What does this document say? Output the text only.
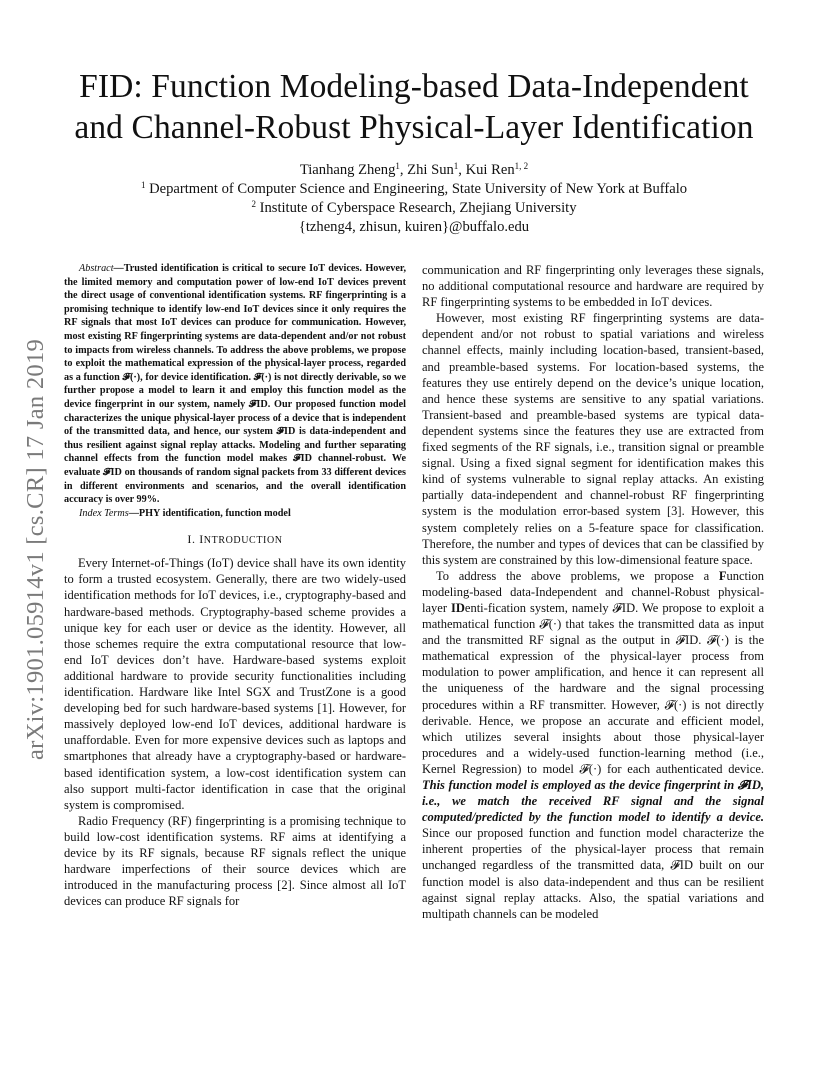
FID: Function Modeling-based Data-Independent
and Channel-Robust Physical-Layer Identification
Tianhang Zheng$^1$, Zhi Sun$^1$, Kui Ren$^{1, 2}$
$^1$ Department of Computer Science and Engineering, State University of New York at Buffalo
$^2$ Institute of Cyberspace Research, Zhejiang University
{tzheng4, zhisun, kuiren}@buffalo.edu
arXiv:1901.05914v1 [cs.CR] 17 Jan 2019

Abstract—Trusted identification is critical to secure IoT devices. However, the limited memory and computation power of low-end IoT devices prevent the direct usage of conventional identification systems. RF fingerprinting is a promising technique to identify low-end IoT devices since it only requires the RF signals that most IoT devices can produce for communication. However, most existing RF fingerprinting systems are data-dependent and/or not robust to impacts from wireless channels. To address the above problems, we propose to exploit the mathematical expression of the physical-layer process, regarded as a function 𝓕(·), for device identification. 𝓕(·) is not directly derivable, so we further propose a model to learn it and employ this function model as the device fingerprint in our system, namely 𝓕ID. Our proposed function model characterizes the unique physical-layer process of a device that is independent of the transmitted data, and hence, our system 𝓕ID is data-independent and thus resilient against signal replay attacks. Modeling and further separating channel effects from the function model makes 𝓕ID channel-robust. We evaluate 𝓕ID on thousands of random signal packets from 33 different devices in different environments and scenarios, and the overall identification accuracy is over 99%.

Index Terms—PHY identification, function model

I. INTRODUCTION

Every Internet-of-Things (IoT) device shall have its own identity to form a trusted ecosystem. Generally, there are two widely-used identification methods for IoT devices, i.e., cryptography-based and hardware-based methods. Cryptography-based scheme provides a unique key for each user or device as the identity. However, all those schemes require the extra computational resource that low-end IoT devices don’t have. Hardware-based systems exploit additional hardware to provide security functionalities including identification. Hardware like Intel SGX and TrustZone is a good developing bed for such hardware-based systems [1]. However, for massively deployed low-end IoT devices, additional hardware is unaffordable. Even for more expensive devices such as laptops and smartphones that already have a cryptography-based or hardware-based identification system, a low-cost identification system can also support multi-factor identification in case that the original system is compromised.

Radio Frequency (RF) fingerprinting is a promising technique to build low-cost identification systems. RF aims at identifying a device by its RF signals, because RF signals reflect the unique hardware imperfections of their source devices which are introduced in the manufacturing process [2]. Since almost all IoT devices can produce RF signals for

communication and RF fingerprinting only leverages these signals, no additional computational resource and hardware are required by RF fingerprinting systems to be embedded in IoT devices.

However, most existing RF fingerprinting systems are data-dependent and/or not robust to spatial variations and wireless channel effects, mainly including location-based, transient-based, and preamble-based systems. For location-based systems, the features they use entirely depend on the device’s unique location, and hence these systems are sensitive to any spatial variations. Transient-based and preamble-based systems are typical data-dependent systems since the features they use are extracted from fixed segments of the RF signals, i.e., transition signal or preamble signal. Using a fixed signal segment for identification makes this kind of systems vulnerable to signal replay attacks. An existing partially data-independent and channel-robust RF fingerprinting system is the modulation error-based system [3]. However, this system completely relies on a 5-feature space for classification. Therefore, the number and types of devices that can be classified by this system are constrained by this low-dimensional feature space.

To address the above problems, we propose a Function modeling-based data-Independent and channel-Robust physical-layer IDenti-fication system, namely 𝓕ID. We propose to exploit a mathematical function 𝓕(·) that takes the transmitted data as input and the transmitted RF signal as the output in 𝓕ID. 𝓕(·) is the mathematical expression of the physical-layer process from modulation to power amplification, and hence it can represent all the uniqueness of the hardware and the signal processing procedures within a RF transmitter. However, 𝓕(·) is not directly derivable. Hence, we propose an accurate and efficient model, which utilizes several insights about those physical-layer procedures and a widely-used function-learning method (i.e., Kernel Regression) to model 𝓕(·) for each authenticated device. This function model is employed as the device fingerprint in 𝓕ID, i.e., we match the received RF signal and the signal computed/predicted by the function model to identify a device. Since our proposed function and function model characterize the inherent properties of the physical-layer process that remain unchanged regardless of the transmitted data, 𝓕ID built on our function model is also data-independent and thus can be resilient against signal replay attacks. Also, the spatial variations and multipath channels can be modeled
